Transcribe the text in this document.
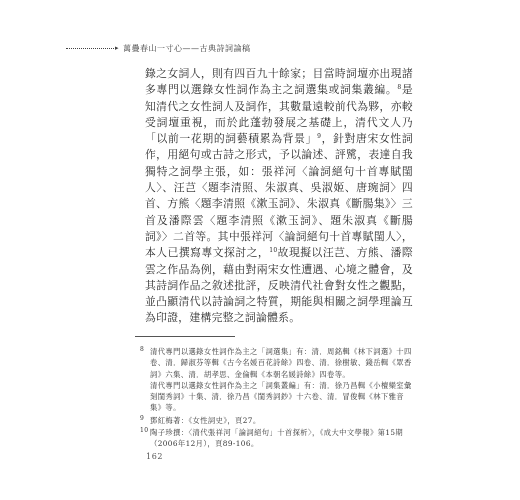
▸ 萬疊春山一寸心——古典詩詞論稿

錄之女詞人，則有四百九十餘家；目當時詞壇亦出現諸多專門以選錄女性詞作為主之詞選集或詞集叢編。$^8$是知清代之女性詞人及詞作，其數量遠較前代為夥，亦較受詞壇重視，而於此蓬勃發展之基礎上，清代文人乃「以前一花期的詞藝積累為背景」$^9$，針對唐宋女性詞作，用絕句或古詩之形式，予以論述、評騭，表達自我獨特之詞學主張，如：張祥河〈論詞絕句十首專賦閨人〉、汪芑〈題李清照、朱淑真、吳淑姬、唐琬詞〉四首、方熊〈題李清照《漱玉詞》、朱淑真《斷腸集》〉三首及潘際雲〈題李清照《漱玉詞》、題朱淑真《斷腸詞》〉二首等。其中張祥河〈論詞絕句十首專賦閨人〉，本人已撰寫專文探討之，$^{10}$故現擬以汪芑、方熊、潘際雲之作品為例，藉由對兩宋女性遭遇、心境之體會，及其詩詞作品之敘述批評，反映清代社會對女性之觀點，並凸顯清代以詩論詞之特質，期能與相關之詞學理論互為印證，建構完整之詞論體系。

8 清代專門以選錄女性詞作為主之「詞選集」有：清．周銘輯《林下詞選》十四卷、清．歸淑芬等輯《古今名媛百花詩餘》四卷、清．徐樹敏、錢岳輯《眾香詞》六集、清．胡孝思、金倫輯《本朝名媛詩餘》四卷等。

清代專門以選錄女性詞作為主之「詞集叢編」有：清．徐乃昌輯《小檀欒室彙刻閨秀詞》十集、清．徐乃昌《閨秀詞鈔》十六卷、清．冒俊輯《林下雅音集》等。

9 鄧紅梅著：《女性詞史》，頁27。

10 陶子珍撰：〈清代張祥河「論詞絕句」十首探析〉，《成大中文學報》第15期（2006年12月），頁89-106。

162
